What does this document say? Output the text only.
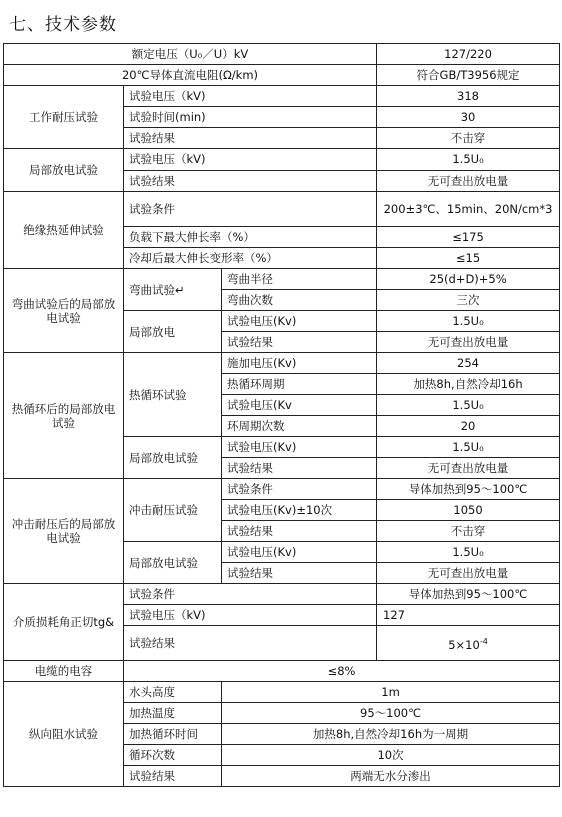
七、技术参数
额定电压（U₀／U）kV			127/220
20℃导体直流电阻(Ω/km)			符合GB/T3956规定
工作耐压试验	试验电压（kV)		318
	试验时间(min)		30
	试验结果		不击穿
局部放电试验	试验电压（kV)		1.5U₀
	试验结果		无可查出放电量
绝缘热延伸试验	试验条件		200±3℃、15min、20N/cm*3
	负载下最大伸长率（%）		≤175
	冷却后最大伸长变形率（%）		≤15
弯曲试验后的局部放电试验	弯曲试验↵	弯曲半径	25(d+D)+5%
		弯曲次数	三次
	局部放电	试验电压(Kv)	1.5U₀
		试验结果	无可查出放电量
热循环后的局部放电试验	热循环试验	施加电压(Kv)	254
		热循环周期	加热8h,自然冷却16h
		试验电压(Kv	1.5U₀
		环周期次数	20
	局部放电试验	试验电压(Kv)	1.5U₀
		试验结果	无可查出放电量
冲击耐压后的局部放电试验	冲击耐压试验	试验条件	导体加热到95～100℃
		试验电压(Kv)±10次	1050
		试验结果	不击穿
	局部放电试验	试验电压(Kv)	1.5U₀
		试验结果	无可查出放电量
介质损耗角正切tg&	试验条件		导体加热到95～100℃
	试验电压（kV)		127
	试验结果		$5\times 10^{-4}$
电缆的电容	≤8%		
纵向阻水试验	水头高度	1m	
	加热温度	95～100℃	
	加热循环时间	加热8h,自然冷却16h为一周期	
	循环次数	10次	
	试验结果	两端无水分渗出	
